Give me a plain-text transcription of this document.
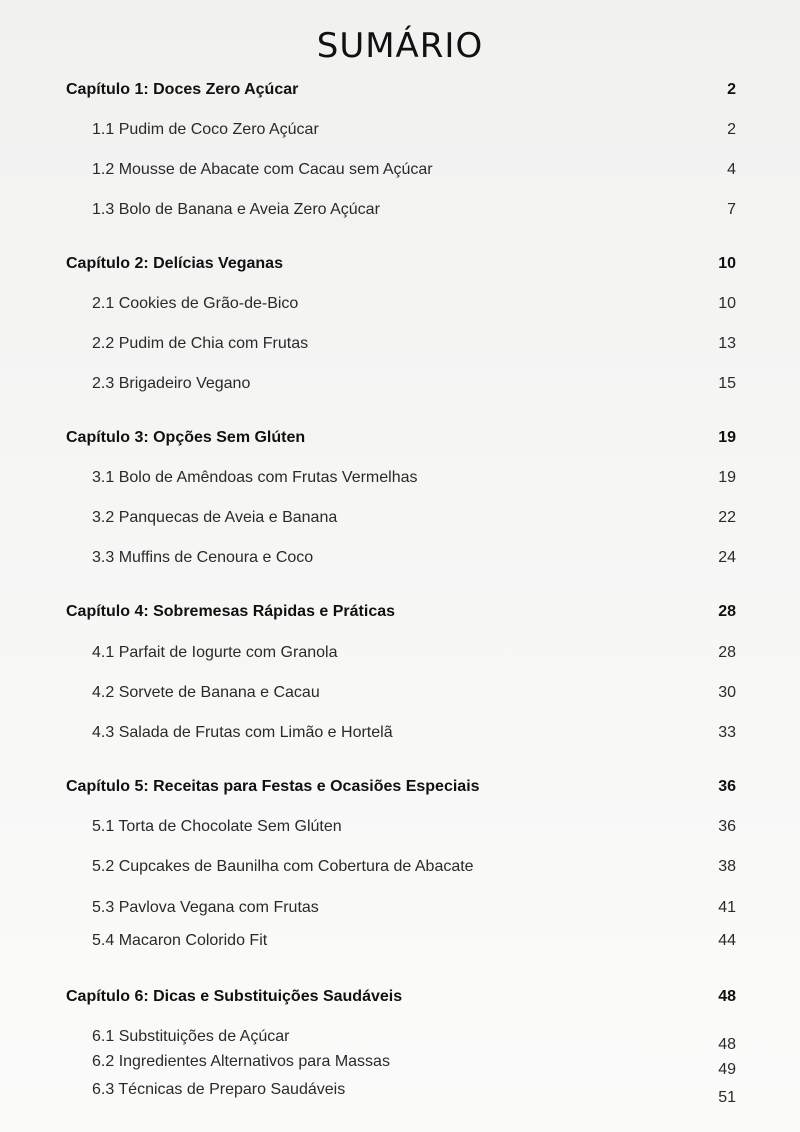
SUMÁRIO
Capítulo 1: Doces Zero Açúcar	2
1.1 Pudim de Coco Zero Açúcar	2
1.2 Mousse de Abacate com Cacau sem Açúcar	4
1.3 Bolo de Banana e Aveia Zero Açúcar	7
Capítulo 2: Delícias Veganas	10
2.1 Cookies de Grão-de-Bico	10
2.2 Pudim de Chia com Frutas	13
2.3 Brigadeiro Vegano	15
Capítulo 3: Opções Sem Glúten	19
3.1 Bolo de Amêndoas com Frutas Vermelhas	19
3.2 Panquecas de Aveia e Banana	22
3.3 Muffins de Cenoura e Coco	24
Capítulo 4: Sobremesas Rápidas e Práticas	28
4.1 Parfait de Iogurte com Granola	28
4.2 Sorvete de Banana e Cacau	30
4.3 Salada de Frutas com Limão e Hortelã	33
Capítulo 5: Receitas para Festas e Ocasiões Especiais	36
5.1 Torta de Chocolate Sem Glúten	36
5.2 Cupcakes de Baunilha com Cobertura de Abacate	38
5.3 Pavlova Vegana com Frutas	41
5.4 Macaron Colorido Fit	44
Capítulo 6: Dicas e Substituições Saudáveis	48
6.1 Substituições de Açúcar	48
6.2 Ingredientes Alternativos para Massas	49
6.3 Técnicas de Preparo Saudáveis	51
